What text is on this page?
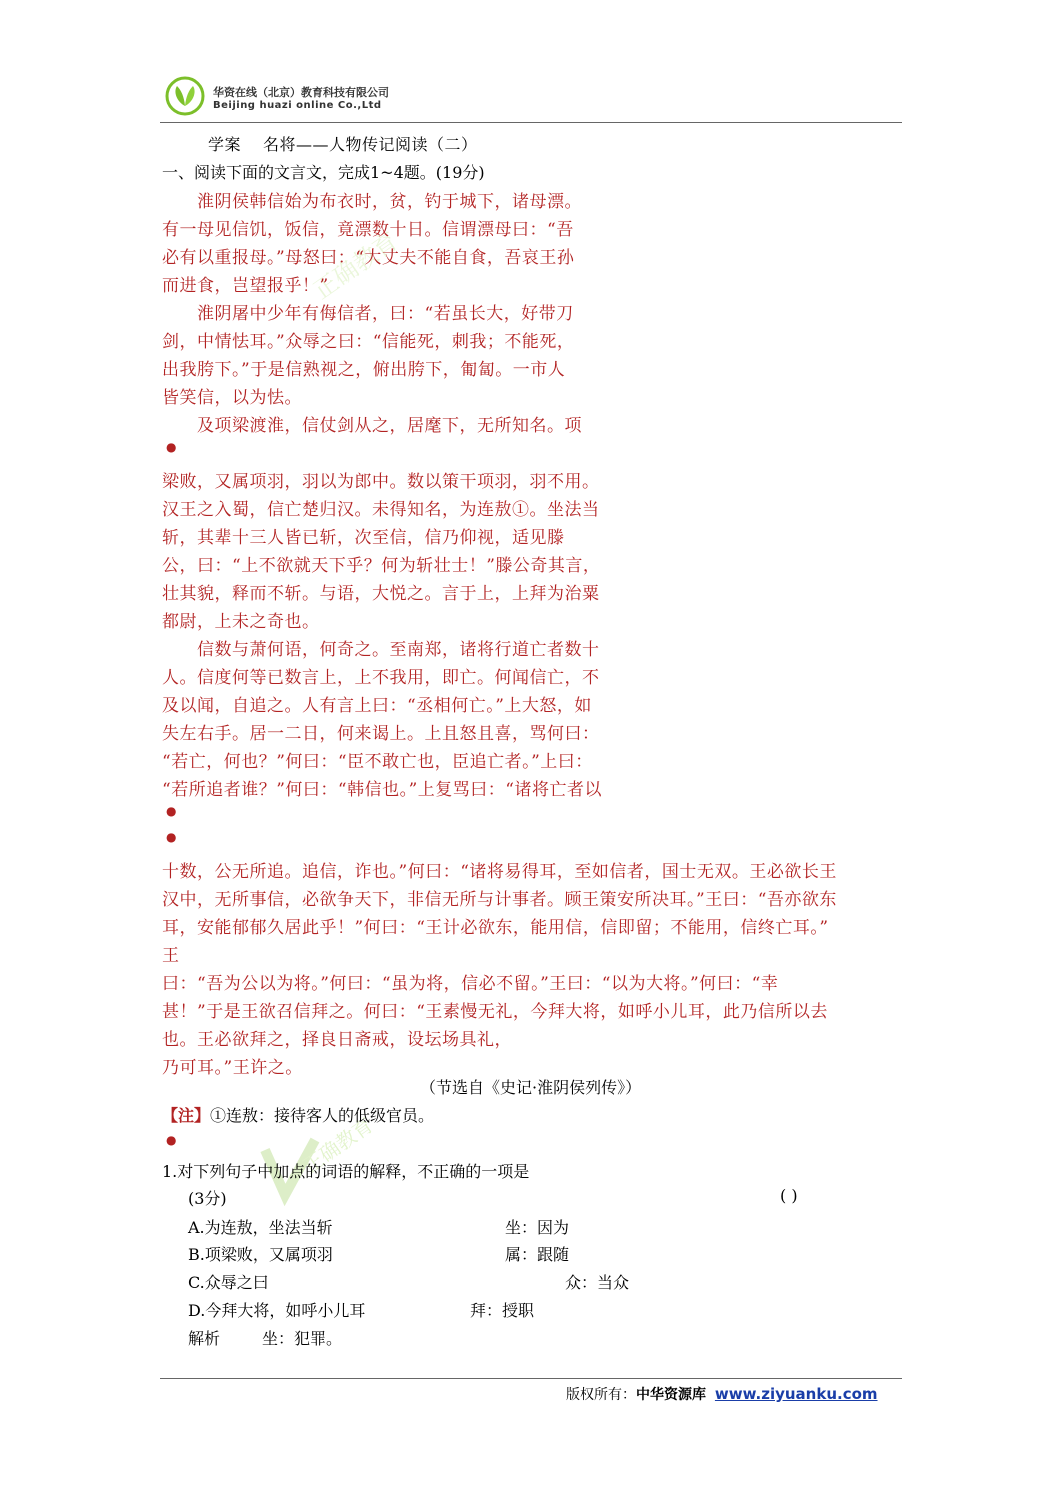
华资在线（北京）教育科技有限公司
Beijing huazi online Co.,Ltd
正确教育
正确教育
学案 名将——人物传记阅读（二）
一、阅读下面的文言文，完成1~4题。(19分)
淮阴侯韩信始为布衣时，贫，钓于城下，诸母漂。
有一母见信饥，饭信，竟漂数十日。信谓漂母曰：“吾
必有以重报母。”母怒曰：“大丈夫不能自食，吾哀王孙
而进食，岂望报乎！”
淮阴屠中少年有侮信者，曰：“若虽长大，好带刀
剑，中情怯耳。”众辱之曰：“信能死，刺我；不能死，
出我胯下。”于是信熟视之，俯出胯下，匍匐。一市人
皆笑信，以为怯。
及项梁渡淮，信仗剑从之，居麾下，无所知名。项
●
梁败，又属项羽，羽以为郎中。数以策干项羽，羽不用。
汉王之入蜀，信亡楚归汉。未得知名，为连敖①。坐法当
斩，其辈十三人皆已斩，次至信，信乃仰视，适见滕
公，曰：“上不欲就天下乎？何为斩壮士！”滕公奇其言，
壮其貌，释而不斩。与语，大悦之。言于上，上拜为治粟
都尉，上未之奇也。
信数与萧何语，何奇之。至南郑，诸将行道亡者数十
人。信度何等已数言上，上不我用，即亡。何闻信亡，不
及以闻，自追之。人有言上曰：“丞相何亡。”上大怒，如
失左右手。居一二日，何来谒上。上且怒且喜，骂何曰：
“若亡，何也？”何曰：“臣不敢亡也，臣追亡者。”上曰：
“若所追者谁？”何曰：“韩信也。”上复骂曰：“诸将亡者以
●
●
十数，公无所追。追信，诈也。”何曰：“诸将易得耳，至如信者，国士无双。王必欲长王
汉中，无所事信，必欲争天下，非信无所与计事者。顾王策安所决耳。”王曰：“吾亦欲东
耳，安能郁郁久居此乎！”何曰：“王计必欲东，能用信，信即留；不能用，信终亡耳。”
王
曰：“吾为公以为将。”何曰：“虽为将，信必不留。”王曰：“以为大将。”何曰：“幸
甚！”于是王欲召信拜之。何曰：“王素慢无礼，今拜大将，如呼小儿耳，此乃信所以去
也。王必欲拜之，择良日斋戒，设坛场具礼，
乃可耳。”王许之。
（节选自《史记·淮阴侯列传》）
【注】①连敖：接待客人的低级官员。
●
1.对下列句子中加点的词语的解释，不正确的一项是
(3分)	( )
A.为连敖，坐法当斩	坐：因为
B.项梁败，又属项羽	属：跟随
C.众辱之曰	众：当众
D.今拜大将，如呼小儿耳	拜：授职
解析	坐：犯罪。
版权所有：中华资源库 www.ziyuanku.com
